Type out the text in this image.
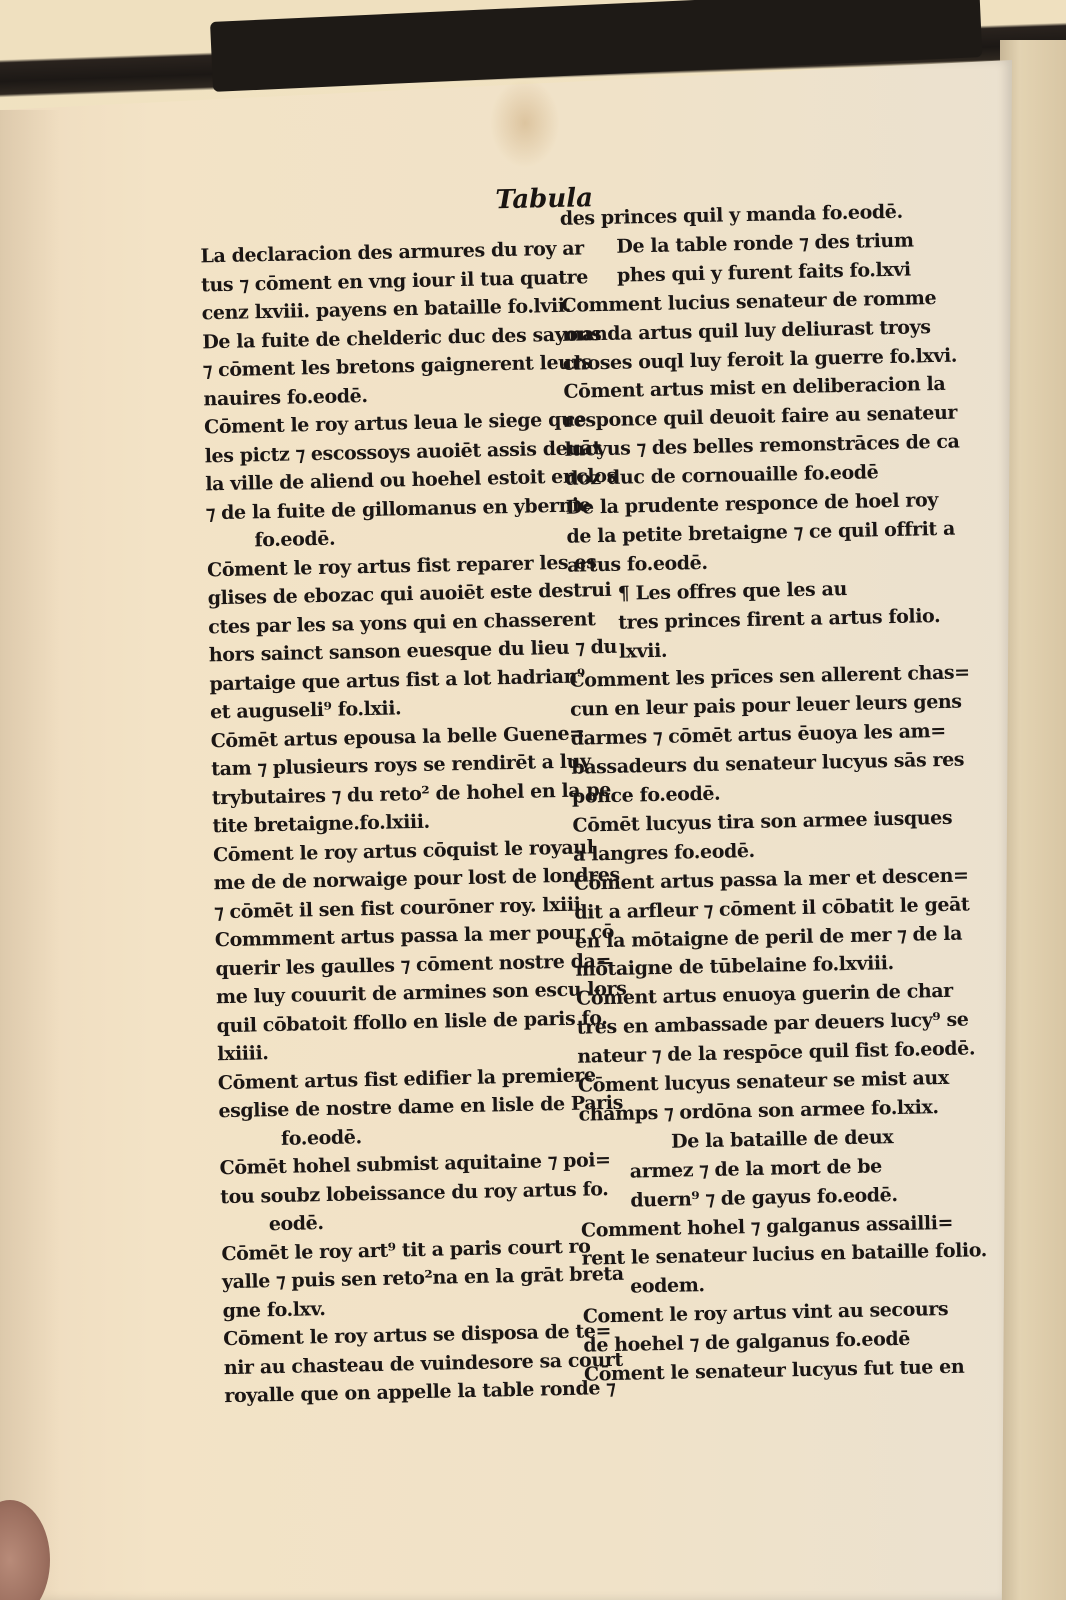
Tabula
La declaracion des armures du roy ar
tus ⁊ cōment en vng iour il tua quatre
cenz lxviii. payens en bataille fo.lvii.
De la fuite de chelderic duc des sayons
⁊ cōment les bretons gaignerent leurs
nauires fo.eodē.
Cōment le roy artus leua le siege que
les pictz ⁊ escossoys auoiēt assis deuāt
la ville de aliend ou hoehel estoit enclos
⁊ de la fuite de gillomanus en ybernie
fo.eodē.
Cōment le roy artus fist reparer les es
glises de ebozac qui auoiēt este destrui
ctes par les sa yons qui en chasserent
hors sainct sanson euesque du lieu ⁊ du
partaige que artus fist a lot hadrian⁹
et auguseli⁹ fo.lxii.
Cōmēt artus epousa la belle Guene=
tam ⁊ plusieurs roys se rendirēt a luy
trybutaires ⁊ du reto² de hohel en la pe
tite bretaigne.fo.lxiii.
Cōment le roy artus cōquist le royaul
me de de norwaige pour lost de londres
⁊ cōmēt il sen fist courōner roy. lxiii
Commment artus passa la mer pour cō
querir les gaulles ⁊ cōment nostre da=
me luy couurit de armines son escu lors
quil cōbatoit ffollo en lisle de paris fo.
lxiiii.
Cōment artus fist edifier la premiere
esglise de nostre dame en lisle de Paris
fo.eodē.
Cōmēt hohel submist aquitaine ⁊ poi=
tou soubz lobeissance du roy artus fo.
eodē.
Cōmēt le roy art⁹ tit a paris court ro
yalle ⁊ puis sen reto²na en la grāt breta
gne fo.lxv.
Cōment le roy artus se disposa de te=
nir au chasteau de vuindesore sa court
royalle que on appelle la table ronde ⁊
des princes quil y manda fo.eodē.
De la table ronde ⁊ des trium
phes qui y furent faits fo.lxvi
Comment lucius senateur de romme
manda artus quil luy deliurast troys
choses ouql luy feroit la guerre fo.lxvi.
Cōment artus mist en deliberacion la
responce quil deuoit faire au senateur
lucyus ⁊ des belles remonstrāces de ca
doz duc de cornouaille fo.eodē
De la prudente responce de hoel roy
de la petite bretaigne ⁊ ce quil offrit a
artus fo.eodē.
¶ Les offres que les au
tres princes firent a artus folio.
lxvii.
Comment les prīces sen allerent chas=
cun en leur pais pour leuer leurs gens
darmes ⁊ cōmēt artus ēuoya les am=
bassadeurs du senateur lucyus sās res
ponce fo.eodē.
Cōmēt lucyus tira son armee iusques
a langres fo.eodē.
Cōment artus passa la mer et descen=
dit a arfleur ⁊ cōment il cōbatit le geāt
en la mōtaigne de peril de mer ⁊ de la
mōtaigne de tūbelaine fo.lxviii.
Cōment artus enuoya guerin de char
tres en ambassade par deuers lucy⁹ se
nateur ⁊ de la respōce quil fist fo.eodē.
Cōment lucyus senateur se mist aux
champs ⁊ ordōna son armee fo.lxix.
De la bataille de deux
armez ⁊ de la mort de be
duern⁹ ⁊ de gayus fo.eodē.
Comment hohel ⁊ galganus assailli=
rent le senateur lucius en bataille folio.
eodem.
Coment le roy artus vint au secours
de hoehel ⁊ de galganus fo.eodē
Cōment le senateur lucyus fut tue en
